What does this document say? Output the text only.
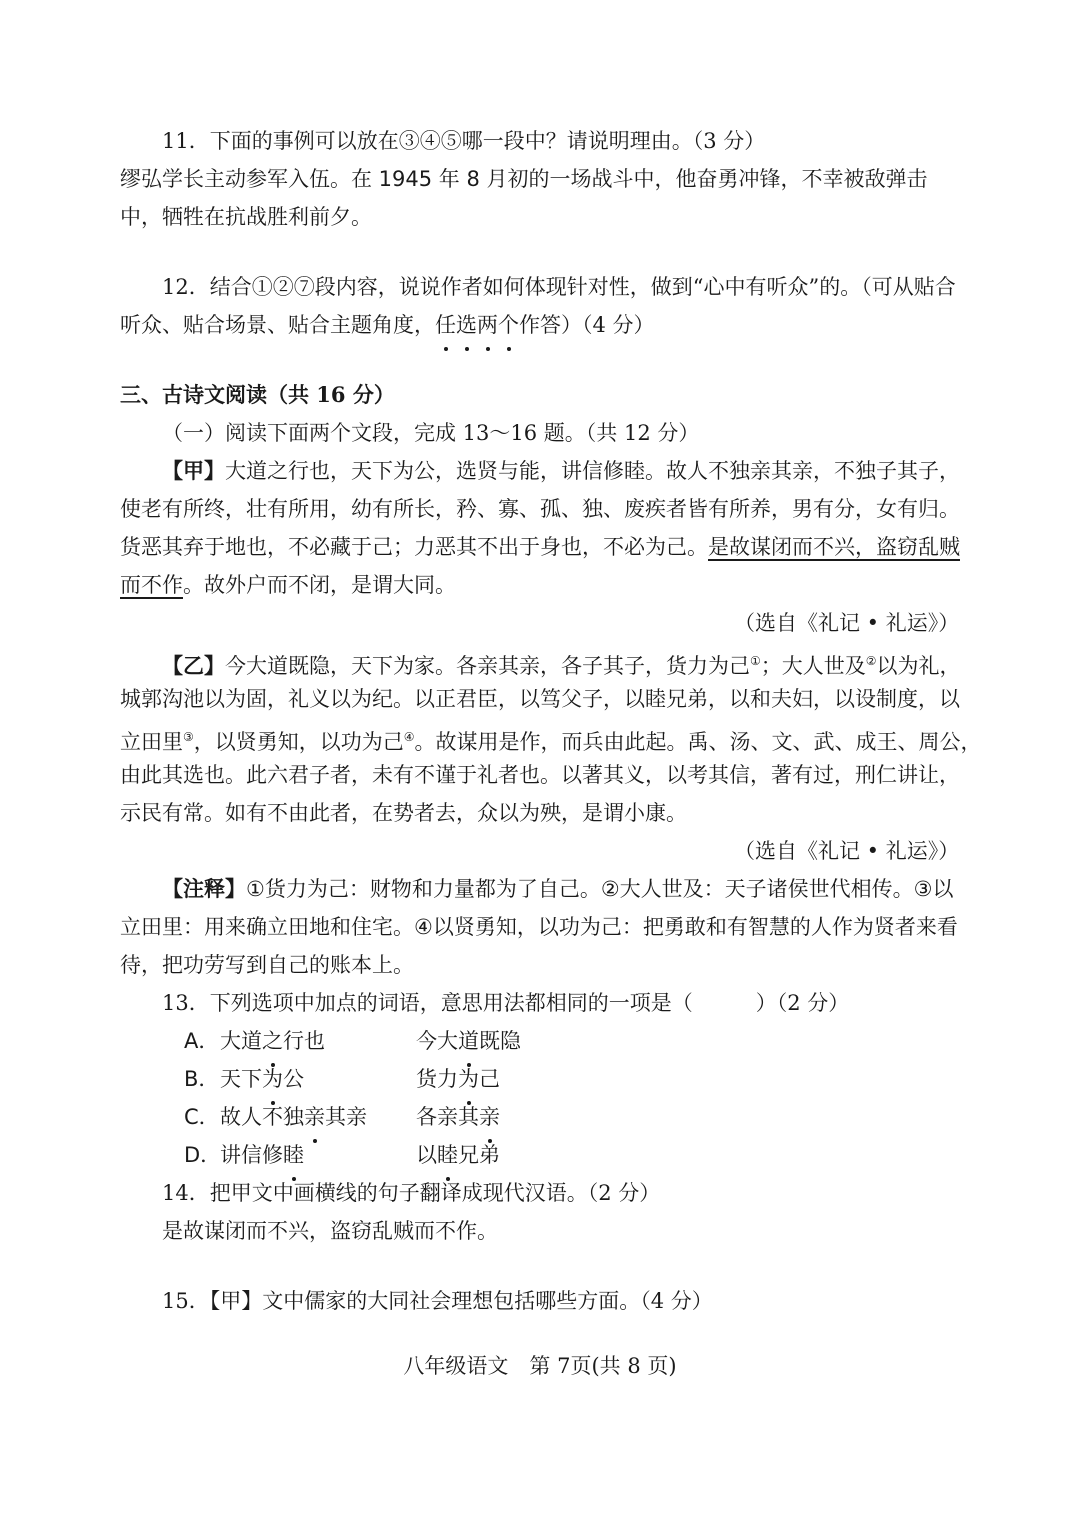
11．下面的事例可以放在③④⑤哪一段中？请说明理由。（3 分）
缪弘学长主动参军入伍。在 1945 年 8 月初的一场战斗中，他奋勇冲锋，不幸被敌弹击
中，牺牲在抗战胜利前夕。
12．结合①②⑦段内容，说说作者如何体现针对性，做到“心中有听众”的。（可从贴合
听众、贴合场景、贴合主题角度，任选两个作答）（4 分）
三、古诗文阅读（共 16 分）
（一）阅读下面两个文段，完成 13～16 题。（共 12 分）
【甲】大道之行也，天下为公，选贤与能，讲信修睦。故人不独亲其亲，不独子其子，
使老有所终，壮有所用，幼有所长，矜、寡、孤、独、废疾者皆有所养，男有分，女有归。
货恶其弃于地也，不必藏于己；力恶其不出于身也，不必为己。是故谋闭而不兴，盗窃乱贼
而不作。故外户而不闭，是谓大同。
（选自《礼记 • 礼运》）
【乙】今大道既隐，天下为家。各亲其亲，各子其子，货力为己①；大人世及②以为礼，
城郭沟池以为固，礼义以为纪。以正君臣，以笃父子，以睦兄弟，以和夫妇，以设制度，以
立田里③，以贤勇知，以功为己④。故谋用是作，而兵由此起。禹、汤、文、武、成王、周公，
由此其选也。此六君子者，未有不谨于礼者也。以著其义，以考其信，著有过，刑仁讲让，
示民有常。如有不由此者，在势者去，众以为殃，是谓小康。
（选自《礼记 • 礼运》）
【注释】①货力为己：财物和力量都为了自己。②大人世及：天子诸侯世代相传。③以
立田里：用来确立田地和住宅。④以贤勇知，以功为己：把勇敢和有智慧的人作为贤者来看
待，把功劳写到自己的账本上。
13．下列选项中加点的词语，意思用法都相同的一项是（　　　）（2 分）
A． 大道之行也	今大道既隐
B． 天下为公	货力为己
C． 故人不独亲其亲 各亲其亲
D．
讲信修睦	以睦兄弟
14．把甲文中画横线的句子翻译成现代汉语。（2 分）
是故谋闭而不兴，盗窃乱贼而不作。
15．【甲】文中儒家的大同社会理想包括哪些方面。（4 分）
八年级语文　第 7页(共 8 页)
